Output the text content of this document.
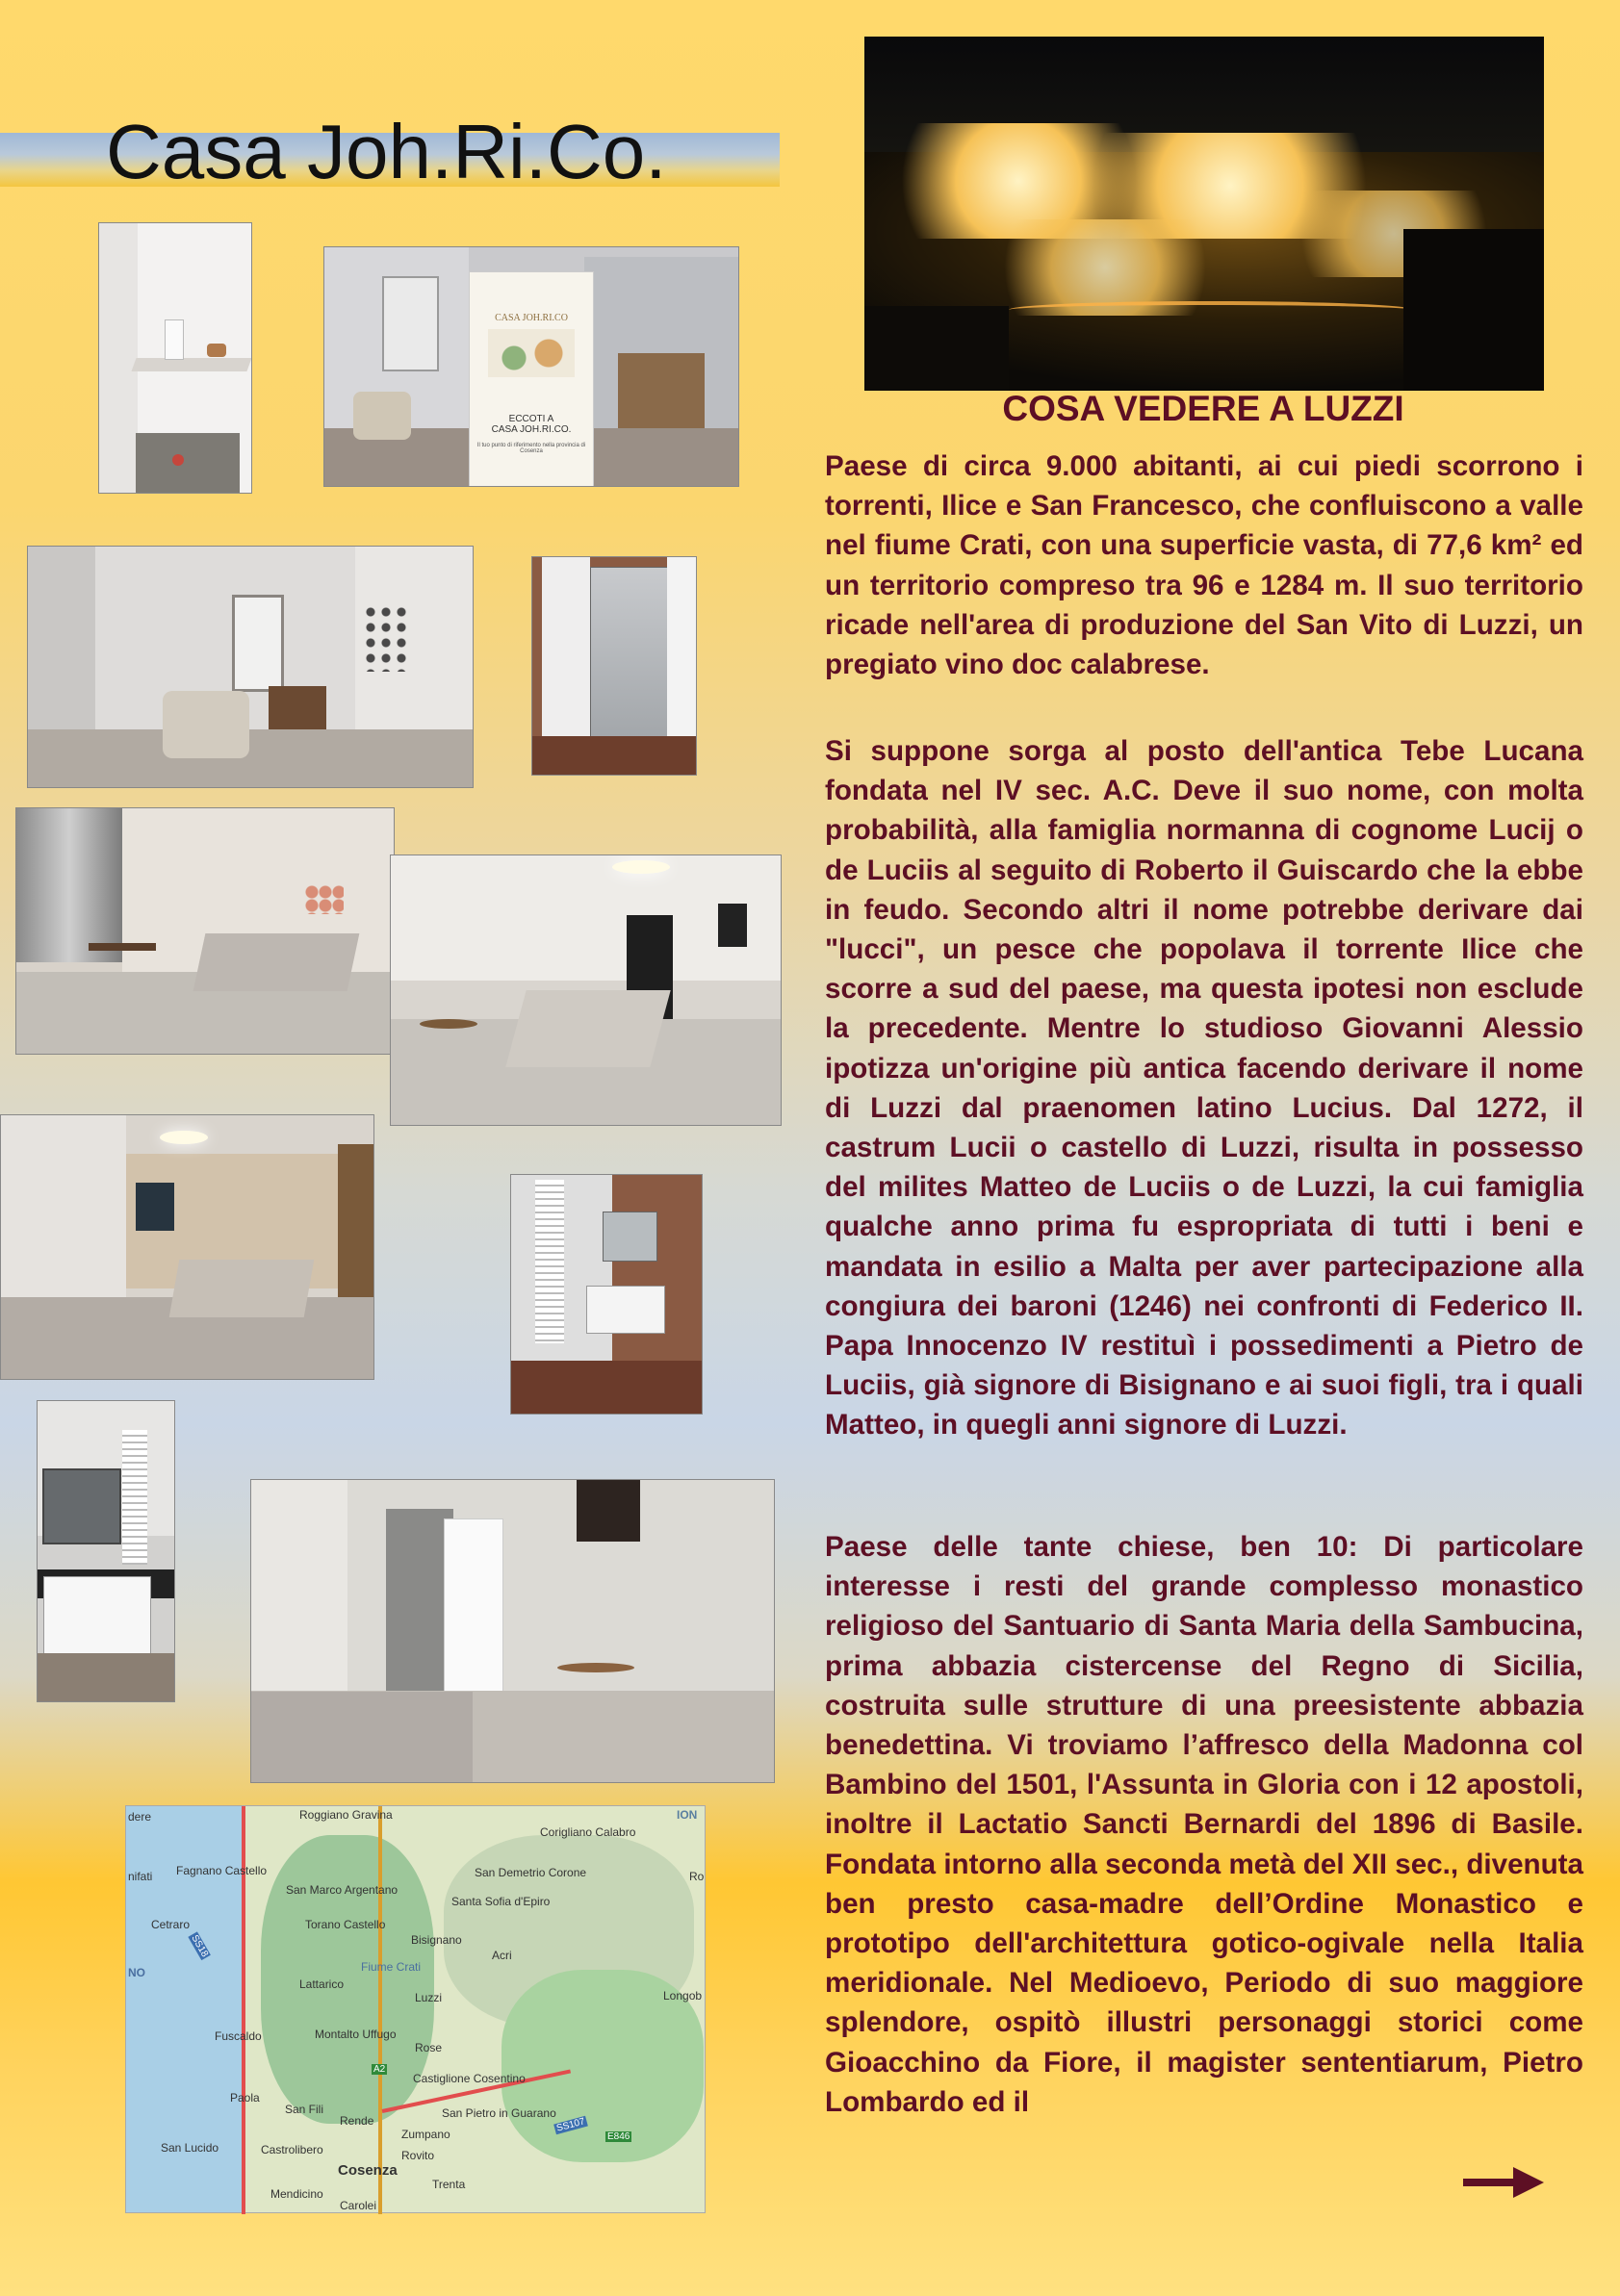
Casa Joh.Ri.Co.
CASA JOH.RI.CO
ECCOTI A
CASA JOH.RI.CO.
Il tuo punto di riferimento nella provincia di Cosenza
Roggiano Gravina
Corigliano Calabro
ION
Fagnano Castello
San Marco Argentano
San Demetrio Corone
Santa Sofia d'Epiro
Cetraro	Torano Castello
Bisignano
Acri
Fiume Crati
Lattarico
Luzzi	Longob
Fuscaldo	Montalto Uffugo
Rose
Castiglione Cosentino
San Pietro in Guarano
Paola
San Fili
Rende
Zumpano
San Lucido	Castrolibero	Rovito
Cosenza
Trenta
Mendicino
Carolei
NO
Ro
dere
nifati
SS18
A2
SS107
E846
COSA VEDERE A LUZZI

Paese di circa 9.000 abitanti, ai cui piedi scorrono i torrenti, Ilice e San Francesco, che confluiscono a valle nel fiume Crati, con una superficie vasta, di 77,6 km² ed un territorio compreso tra 96 e 1284 m. Il suo territorio ricade nell'area di produzione del San Vito di Luzzi, un pregiato vino doc calabrese.

Si suppone sorga al posto dell'antica Tebe Lucana fondata nel IV sec. A.C. Deve il suo nome, con molta probabilità, alla famiglia normanna di cognome Lucij o de Luciis al seguito di Roberto il Guiscardo che la ebbe in feudo. Secondo altri il nome potrebbe derivare dai "lucci", un pesce che popolava il torrente Ilice che scorre a sud del paese, ma questa ipotesi non esclude la precedente. Mentre lo studioso Giovanni Alessio ipotizza un'origine più antica facendo derivare il nome di Luzzi dal praenomen latino Lucius. Dal 1272, il castrum Lucii o castello di Luzzi, risulta in possesso del milites Matteo de Luciis o de Luzzi, la cui famiglia qualche anno prima fu espropriata di tutti i beni e mandata in esilio a Malta per aver partecipazione alla congiura dei baroni (1246) nei confronti di Federico II. Papa Innocenzo IV restituì i possedimenti a Pietro de Luciis, già signore di Bisignano e ai suoi figli, tra i quali Matteo, in quegli anni signore di Luzzi.

Paese delle tante chiese, ben 10: Di particolare interesse i resti del grande complesso monastico religioso del Santuario di Santa Maria della Sambucina, prima abbazia cistercense del Regno di Sicilia, costruita sulle strutture di una preesistente abbazia benedettina. Vi troviamo l’affresco della Madonna col Bambino del 1501, l'Assunta in Gloria con i 12 apostoli, inoltre il Lactatio Sancti Bernardi del 1896 di Basile. Fondata intorno alla seconda metà del XII sec., divenuta ben presto casa-madre dell’Ordine Monastico e prototipo dell'architettura gotico-ogivale nella Italia meridionale. Nel Medioevo, Periodo di suo maggiore splendore, ospitò illustri personaggi storici come Gioacchino da Fiore, il magister sententiarum, Pietro Lombardo ed il
